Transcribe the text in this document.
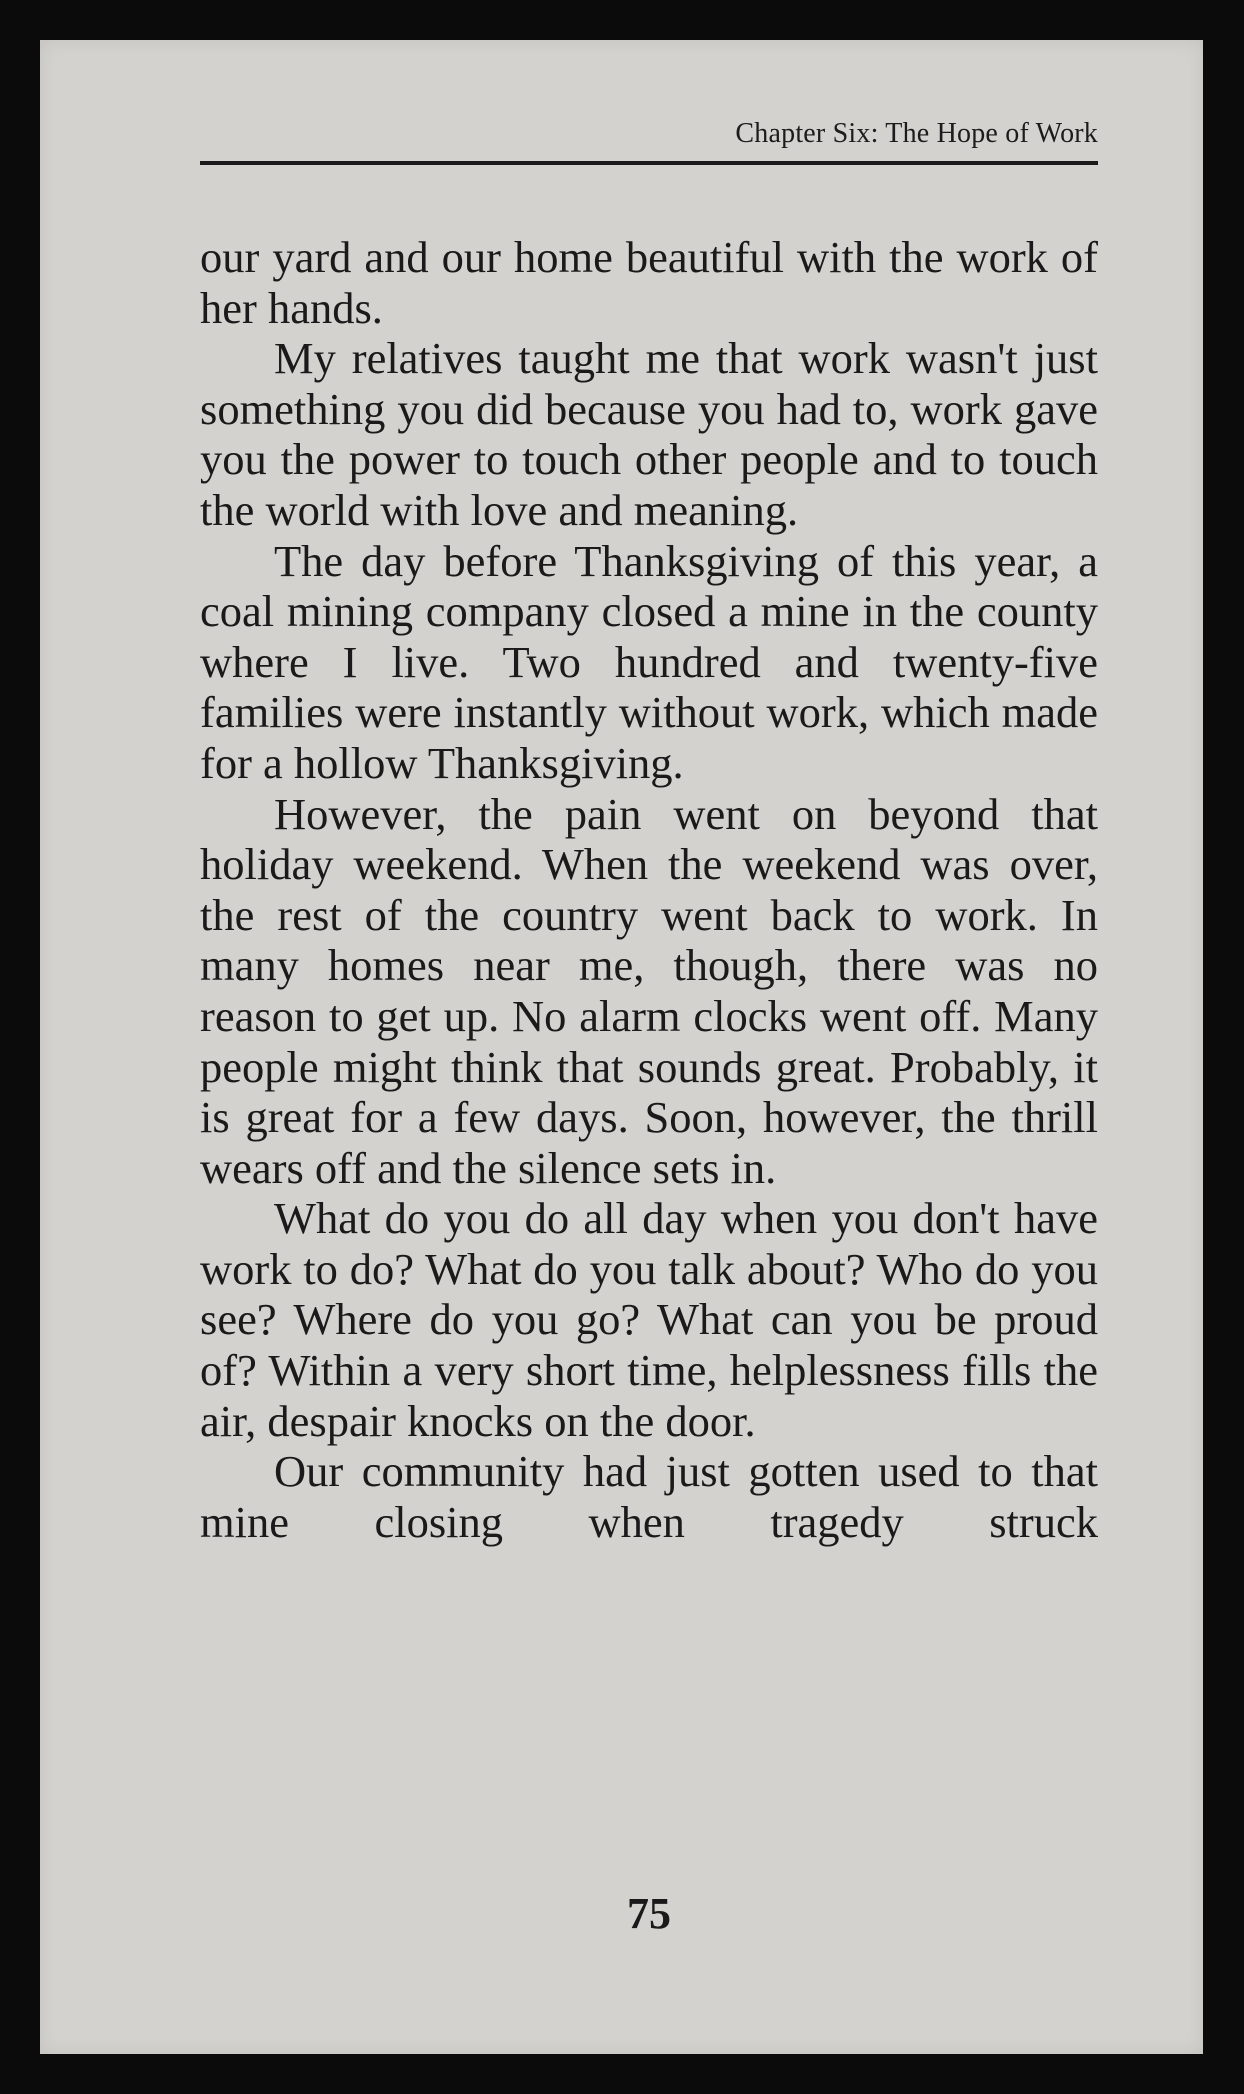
Chapter Six: The Hope of Work

our yard and our home beautiful with the work of her hands.

My relatives taught me that work wasn't just something you did because you had to, work gave you the power to touch other people and to touch the world with love and meaning.

The day before Thanksgiving of this year, a coal mining company closed a mine in the county where I live. Two hundred and twenty-five families were instantly without work, which made for a hollow Thanksgiving.

However, the pain went on beyond that holiday weekend. When the weekend was over, the rest of the country went back to work. In many homes near me, though, there was no reason to get up. No alarm clocks went off. Many people might think that sounds great. Probably, it is great for a few days. Soon, however, the thrill wears off and the silence sets in.

What do you do all day when you don't have work to do? What do you talk about? Who do you see? Where do you go? What can you be proud of? Within a very short time, helplessness fills the air, despair knocks on the door.

Our community had just gotten used to that mine closing when tragedy struck

75
